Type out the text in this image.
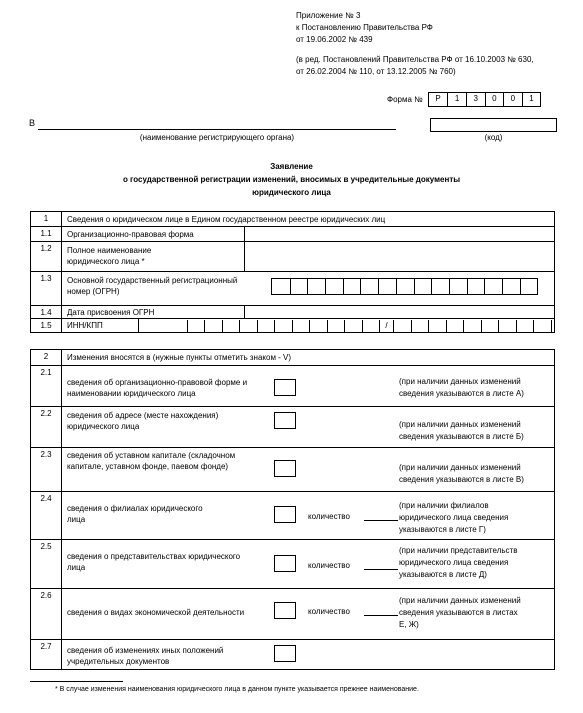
Приложение № 3
к Постановлению Правительства РФ
от 19.06.2002 № 439
(в ред. Постановлений Правительства РФ от 16.10.2003 № 630,
от 26.02.2004 № 110, от 13.12.2005 № 760)
Форма №	Р	1	3	0	0	1
В
(наименование регистрирующего органа)	(код)
Заявление
о государственной регистрации изменений, вносимых в учредительные документы
юридического лица
1	Сведения о юридическом лице в Едином государственном реестре юридических лиц
1.1	Организационно-правовая форма
1.2	Полное наименование
юридического лица *
1.3	Основной государственный регистрационный
номер (ОГРН)
1.4	Дата присвоения ОГРН
1.5	ИНН/КПП	/
2	Изменения вносятся в (нужные пункты отметить знаком - V)
2.1
сведения об организационно-правовой форме и
наименовании юридического лица
(при наличии данных изменений
сведения указываются в листе А)
2.2	сведения об адресе (месте нахождения)
юридического лица	(при наличии данных изменений
сведения указываются в листе Б)
2.3	сведения об уставном капитале (складочном
капитале, уставном фонде, паевом фонде)	(при наличии данных изменений
сведения указываются в листе В)
2.4
сведения о филиалах юридического
лица	количество
(при наличии филиалов
юридического лица сведения
указываются в листе Г)
2.5
сведения о представительствах юридического
лица	количество
(при наличии представительств
юридического лица сведения
указываются в листе Д)
2.6
сведения о видах экономической деятельности	количество
(при наличии данных изменений
сведения указываются в листах
Е, Ж)
2.7	сведения об изменениях иных положений
учредительных документов
* В случае изменения наименования юридического лица в данном пункте указывается прежнее наименование.
